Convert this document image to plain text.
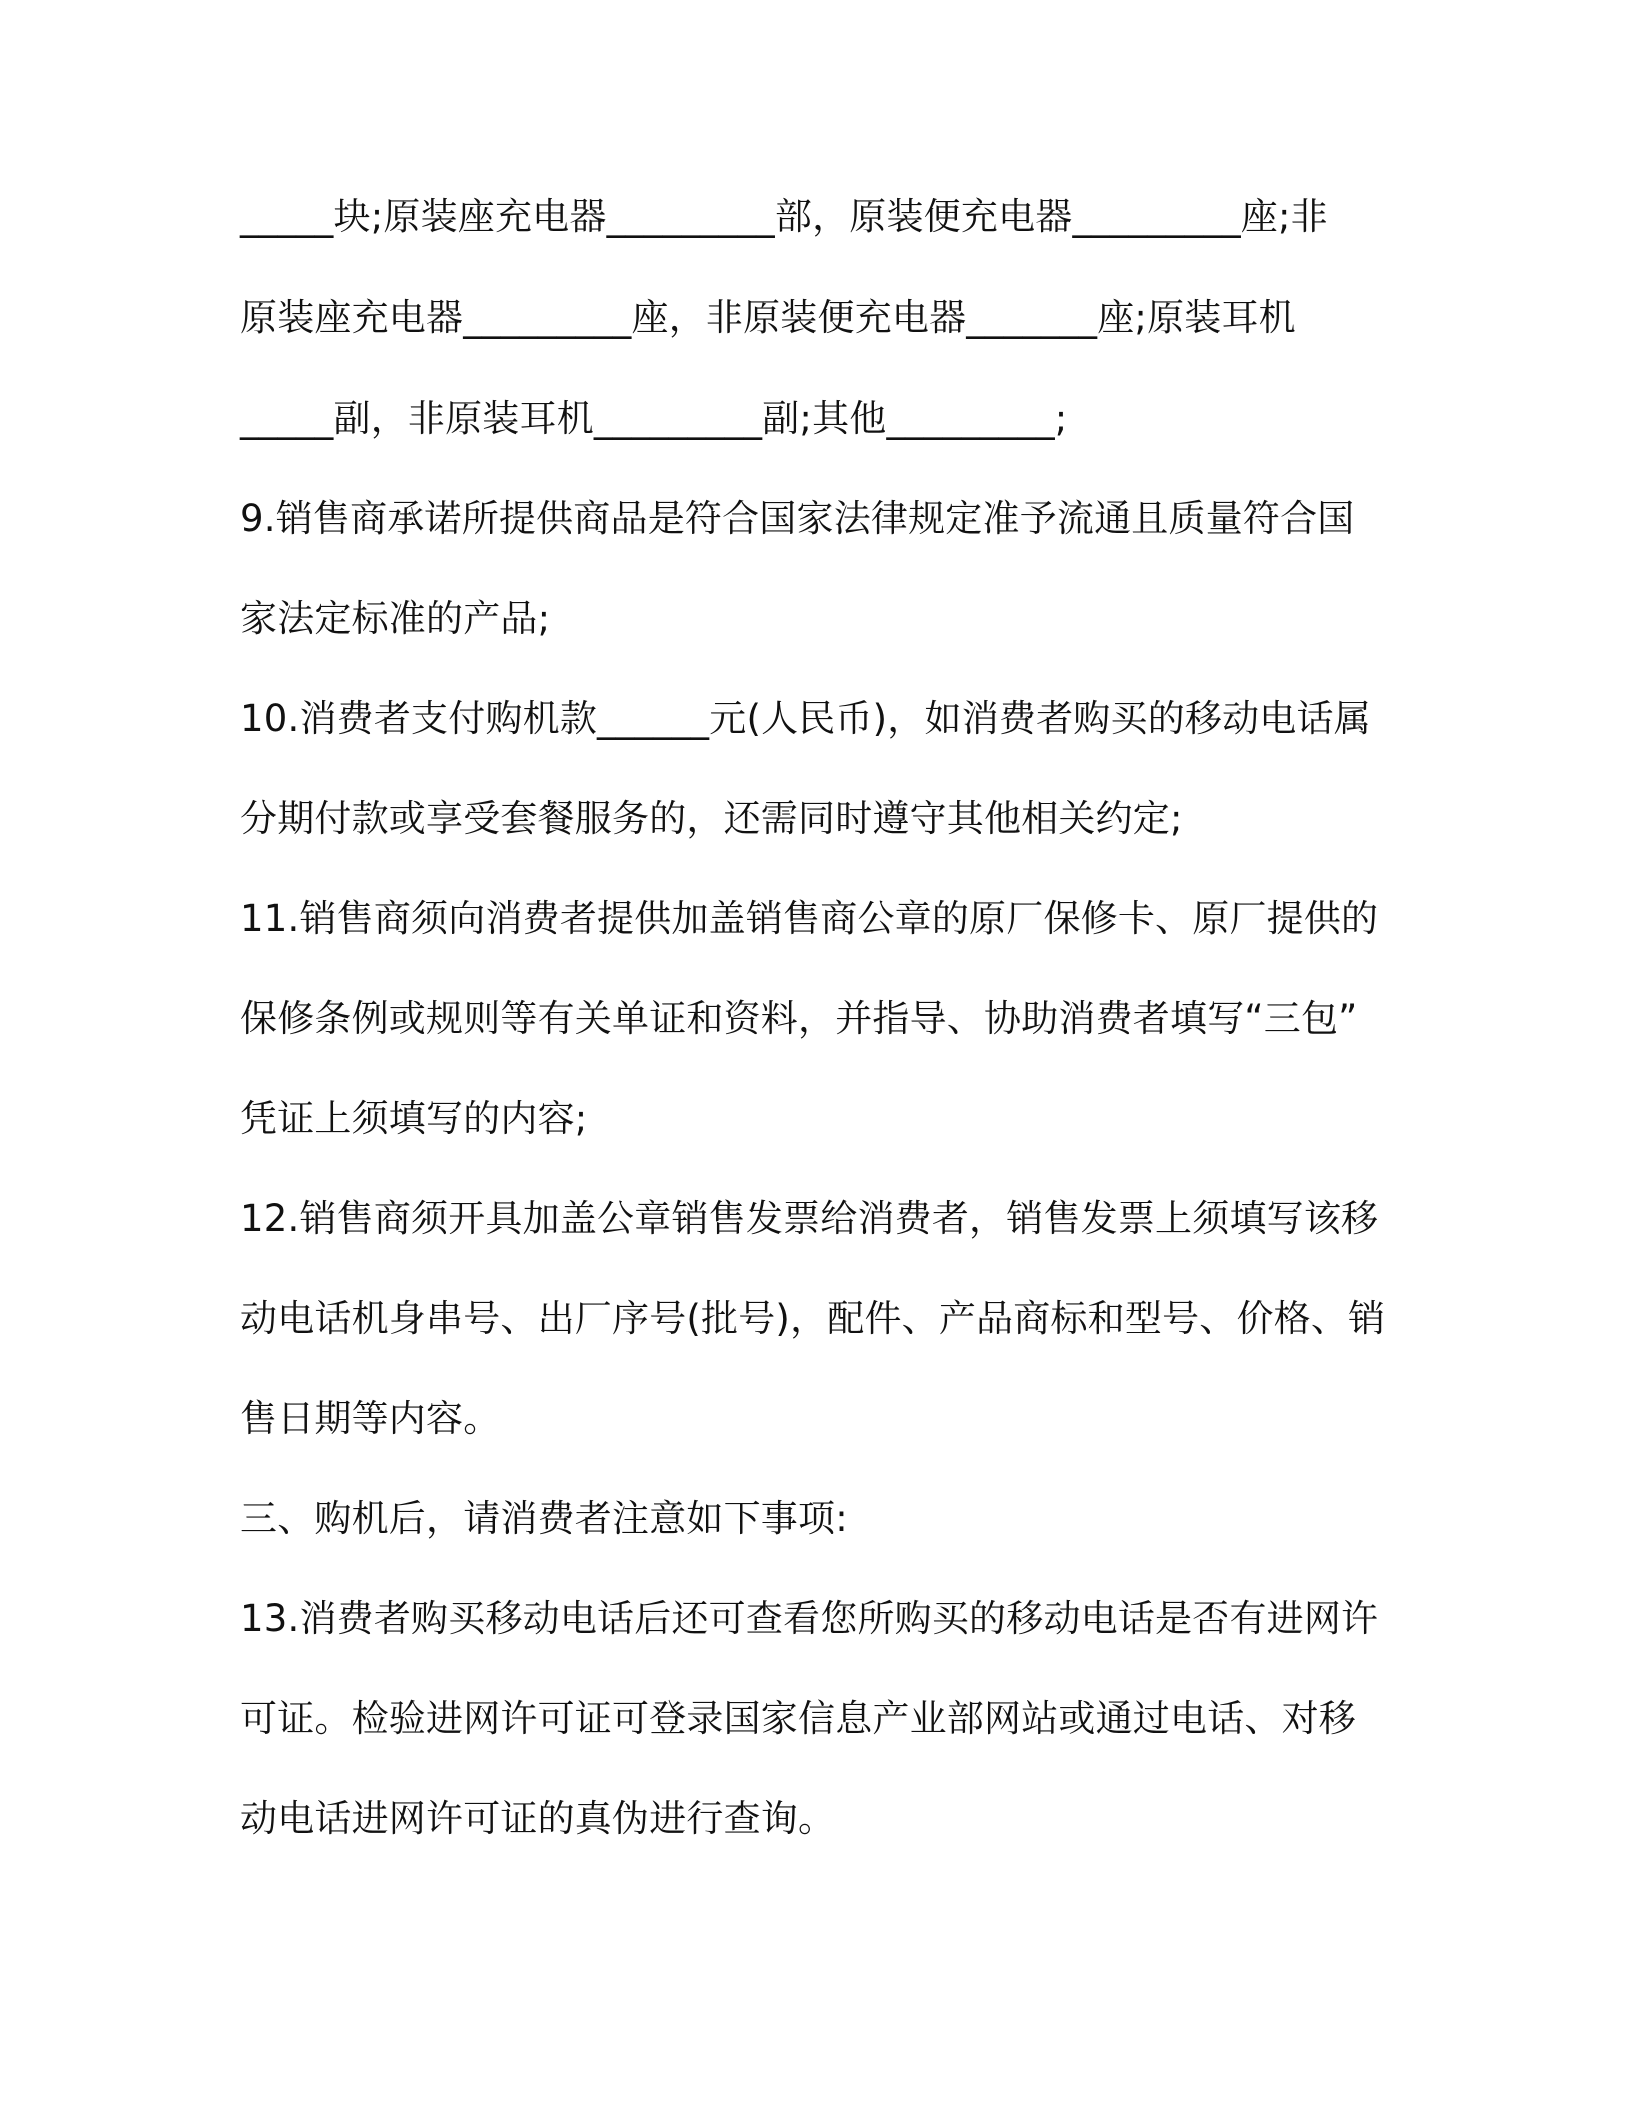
_____块;原装座充电器_________部，原装便充电器_________座;非
原装座充电器_________座，非原装便充电器_______座;原装耳机
_____副，非原装耳机_________副;其他_________;
9.销售商承诺所提供商品是符合国家法律规定准予流通且质量符合国
家法定标准的产品;
10.消费者支付购机款______元(人民币)，如消费者购买的移动电话属
分期付款或享受套餐服务的，还需同时遵守其他相关约定;
11.销售商须向消费者提供加盖销售商公章的原厂保修卡、原厂提供的
保修条例或规则等有关单证和资料，并指导、协助消费者填写“三包”
凭证上须填写的内容;
12.销售商须开具加盖公章销售发票给消费者，销售发票上须填写该移
动电话机身串号、出厂序号(批号)，配件、产品商标和型号、价格、销
售日期等内容。
三、购机后，请消费者注意如下事项:
13.消费者购买移动电话后还可查看您所购买的移动电话是否有进网许
可证。检验进网许可证可登录国家信息产业部网站或通过电话、对移
动电话进网许可证的真伪进行查询。
